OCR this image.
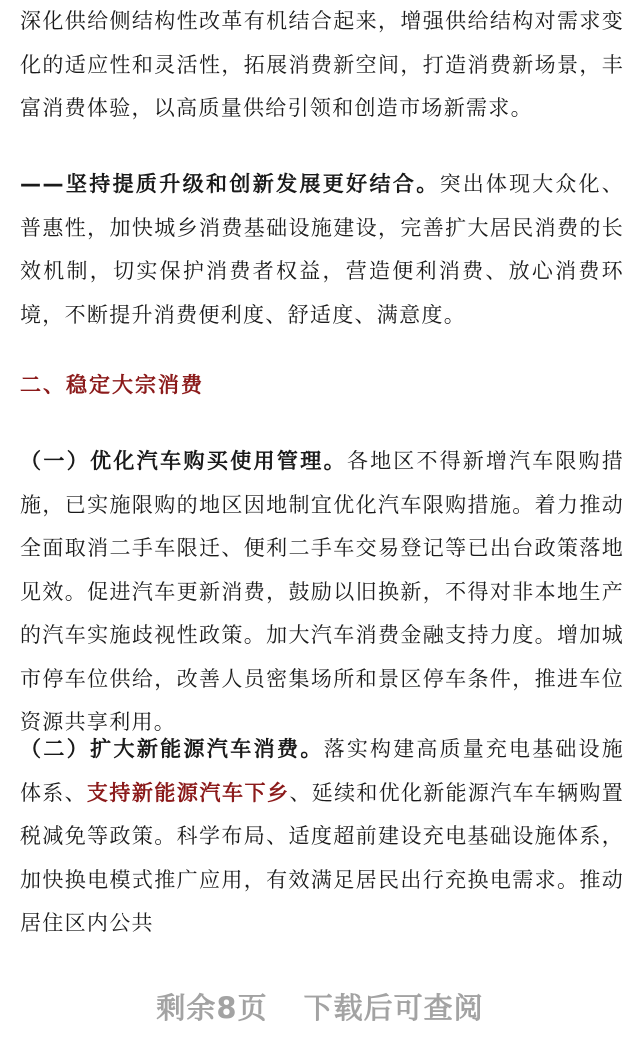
深化供给侧结构性改革有机结合起来，增强供给结构对需求变化的适应性和灵活性，拓展消费新空间，打造消费新场景，丰富消费体验，以高质量供给引领和创造市场新需求。

——坚持提质升级和创新发展更好结合。突出体现大众化、普惠性，加快城乡消费基础设施建设，完善扩大居民消费的长效机制，切实保护消费者权益，营造便利消费、放心消费环境，不断提升消费便利度、舒适度、满意度。

二、稳定大宗消费

（一）优化汽车购买使用管理。各地区不得新增汽车限购措施，已实施限购的地区因地制宜优化汽车限购措施。着力推动全面取消二手车限迁、便利二手车交易登记等已出台政策落地见效。促进汽车更新消费，鼓励以旧换新，不得对非本地生产的汽车实施歧视性政策。加大汽车消费金融支持力度。增加城市停车位供给，改善人员密集场所和景区停车条件，推进车位资源共享利用。

（二）扩大新能源汽车消费。落实构建高质量充电基础设施体系、支持新能源汽车下乡、延续和优化新能源汽车车辆购置税减免等政策。科学布局、适度超前建设充电基础设施体系，加快换电模式推广应用，有效满足居民出行充换电需求。推动居住区内公共

剩余8页 下载后可查阅
